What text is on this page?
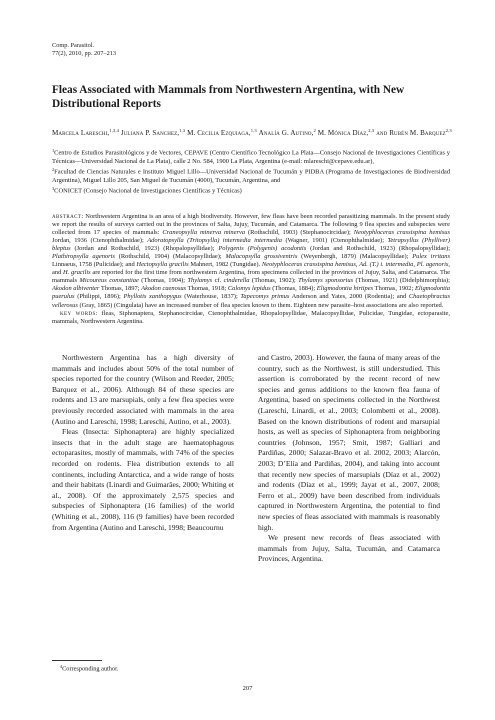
Comp. Parasitol.
77(2), 2010, pp. 207–213
Fleas Associated with Mammals from Northwestern Argentina, with New
Distributional Reports
Marcela Lareschi,$^{1,3,4}$ Juliana P. Sanchez,$^{1,3}$ M. Cecilia Ezquiaga,$^{1,3}$ Analía G. Autino,$^2$ M. Mónica Díaz,$^{2,3}$ and Rubén M. Barquez$^{2,3}$

$^1$Centro de Estudios Parasitológicos y de Vectores, CEPAVE (Centro Científico Tecnológico La Plata—Consejo Nacional de Investigaciones Científicas y Técnicas—Universidad Nacional de La Plata), calle 2 No. 584, 1900 La Plata, Argentina (e-mail: mlareschi@cepave.edu.ar),

$^2$Facultad de Ciencias Naturales e Instituto Miguel Lillo—Universidad Nacional de Tucumán y PIDBA (Programa de Investigaciones de Biodiversidad Argentina), Miguel Lillo 205, San Miguel de Tucumán (4000), Tucumán, Argentina, and

$^3$CONICET (Consejo Nacional de Investigaciones Científicas y Técnicas)

abstract: Northwestern Argentina is an area of a high biodiversity. However, few fleas have been recorded parasitizing mammals. In the present study we report the results of surveys carried out in the provinces of Salta, Jujuy, Tucumán, and Catamarca. The following 9 flea species and subspecies were collected from 17 species of mammals: Craneopsylla minerva minerva (Rothschild, 1903) (Stephanocircidae); Neotyphloceras crassispina hemisus Jordan, 1936 (Ctenophthalmidae); Adoratopsylla (Tritopsylla) intermedia intermedia (Wagner, 1901) (Ctenophthalmidae); Tetrapsyllus (Phylliver) bleptus (Jordan and Rothschild, 1923) (Rhopalopsyllidae); Polygenis (Polygenis) acodontis (Jordan and Rothschild, 1923) (Rhopalopsyllidae); Plathiropsylla agenoris (Rothschild, 1904) (Malacopsyllidae); Malacopsylla grossiventris (Weyenbergh, 1879) (Malacopsyllidae); Pulex irritans Linnaeus, 1758 (Pulicidae); and Hectopsylla gracilis Mahnert, 1982 (Tungidae). Neotyphloceras crassispina hemisus, Ad. (T.) i. intermedia, Pl. agenoris, and H. gracilis are reported for the first time from northwestern Argentina, from specimens collected in the provinces of Jujuy, Salta, and Catamarca. The mammals Micoureus constantiae (Thomas, 1904); Thylamys cf. cinderella (Thomas, 1902); Thylamys sponsorius (Thomas, 1921) (Didelphimorphia); Akodon albiventer Thomas, 1897; Akodon caenosus Thomas, 1918; Calomys lepidus (Thomas, 1884); Eligmodontia hirtipes Thomas, 1902; Eligmodontia puerulus (Philippi, 1896); Phyllotis xanthopygus (Waterhouse, 1837); Tapecomys primus Anderson and Yates, 2000 (Rodentia); and Chaetophractus vellerosus (Gray, 1865) (Cingulata) have an increased number of flea species known to them. Eighteen new parasite–host associations are also reported.

key words: fleas, Siphonaptera, Stephanocircidae, Ctenophthalmidae, Rhopalopsyllidae, Malacopsyllidae, Pulicidae, Tungidae, ectoparasite, mammals, Northwestern Argentina.

Northwestern Argentina has a high diversity of mammals and includes about 50% of the total number of species reported for the country (Wilson and Reeder, 2005; Barquez et al., 2006). Although 84 of these species are rodents and 13 are marsupials, only a few flea species were previously recorded associated with mammals in the area (Autino and Lareschi, 1998; Lareschi, Autino, et al., 2003).

Fleas (Insecta: Siphonaptera) are highly specialized insects that in the adult stage are haematophagous ectoparasites, mostly of mammals, with 74% of the species recorded on rodents. Flea distribution extends to all continents, including Antarctica, and a wide range of hosts and their habitats (Linardi and Guimarães, 2000; Whiting et al., 2008). Of the approximately 2,575 species and subspecies of Siphonaptera (16 families) of the world (Whiting et al., 2008), 116 (9 families) have been recorded from Argentina (Autino and Lareschi, 1998; Beaucournu

and Castro, 2003). However, the fauna of many areas of the country, such as the Northwest, is still understudied. This assertion is corroborated by the recent record of new species and genus additions to the known flea fauna of Argentina, based on specimens collected in the Northwest (Lareschi, Linardi, et al., 2003; Colombetti et al., 2008). Based on the known distributions of rodent and marsupial hosts, as well as species of Siphonaptera from neighboring countries (Johnson, 1957; Smit, 1987; Galliari and Pardiñas, 2000; Salazar-Bravo et al. 2002, 2003; Alarcón, 2003; D’Elía and Pardiñas, 2004), and taking into account that recently new species of marsupials (Díaz et al., 2002) and rodents (Díaz et al., 1999; Jayat et al., 2007, 2008; Ferro et al., 2009) have been described from individuals captured in Northwestern Argentina, the potential to find new species of fleas associated with mammals is reasonably high.

We present new records of fleas associated with mammals from Jujuy, Salta, Tucumán, and Catamarca Provinces, Argentina.

$^4$Corresponding author.
207
